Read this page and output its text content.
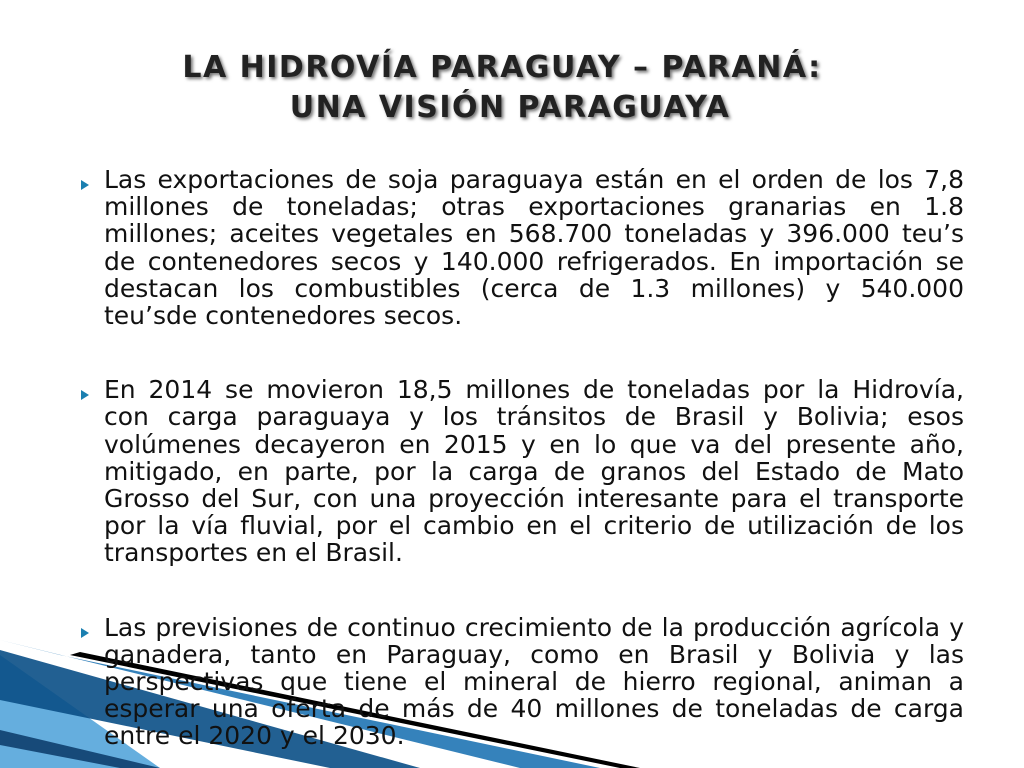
LA HIDROVÍA PARAGUAY – PARANÁ:
UNA VISIÓN PARAGUAYA
Las exportaciones de soja paraguaya están en el orden de los 7,8 millones de toneladas; otras exportaciones granarias en 1.8 millones; aceites vegetales en 568.700 toneladas y 396.000 teu’s de contenedores secos y 140.000 refrigerados. En importación se destacan los combustibles (cerca de 1.3 millones) y 540.000 teu’sde contenedores secos.
En 2014 se movieron 18,5 millones de toneladas por la Hidrovía, con carga paraguaya y los tránsitos de Brasil y Bolivia; esos volúmenes decayeron en 2015 y en lo que va del presente año, mitigado, en parte, por la carga de granos del Estado de Mato Grosso del Sur, con una proyección interesante para el transporte por la vía fluvial, por el cambio en el criterio de utilización de los transportes en el Brasil.
Las previsiones de continuo crecimiento de la producción agrícola y ganadera, tanto en Paraguay, como en Brasil y Bolivia y las perspectivas que tiene el mineral de hierro regional, animan a esperar una oferta de más de 40 millones de toneladas de carga entre el 2020 y el 2030.
